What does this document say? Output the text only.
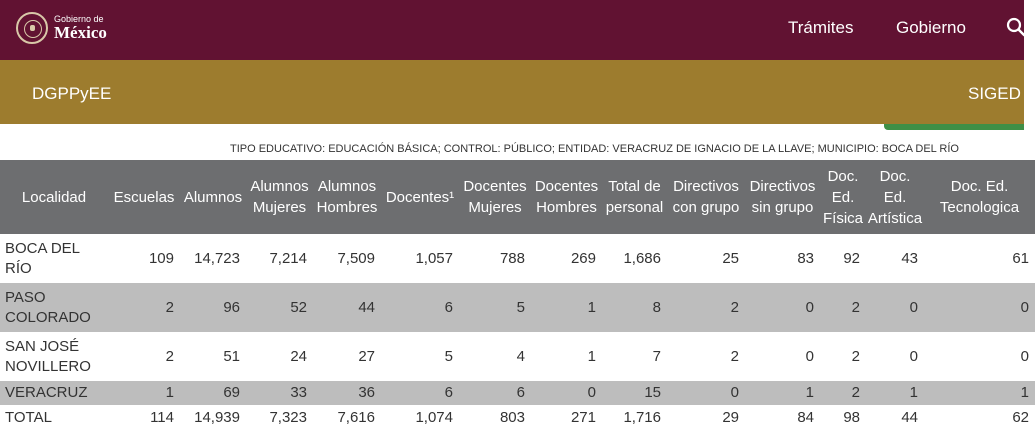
Gobierno de
México	Trámites	Gobierno
DGPPyEE	SIGED
TIPO EDUCATIVO: EDUCACIÓN BÁSICA; CONTROL: PÚBLICO; ENTIDAD: VERACRUZ DE IGNACIO DE LA LLAVE; MUNICIPIO: BOCA DEL RÍO
Localidad	Escuelas	Alumnos	Alumnos Mujeres	Alumnos Hombres	Docentes¹	Docentes Mujeres	Docentes Hombres	Total de personal	Directivos con grupo	Directivos sin grupo	Doc. Ed. Física	Doc. Ed. Artística	Doc. Ed. Tecnologica
BOCA DEL RÍO	109	14,723	7,214	7,509	1,057	788	269	1,686	25	83	92	43	61
PASO COLORADO	2	96	52	44	6	5	1	8	2	0	2	0	0
SAN JOSÉ NOVILLERO	2	51	24	27	5	4	1	7	2	0	2	0	0
VERACRUZ	1	69	33	36	6	6	0	15	0	1	2	1	1
TOTAL	114	14,939	7,323	7,616	1,074	803	271	1,716	29	84	98	44	62
